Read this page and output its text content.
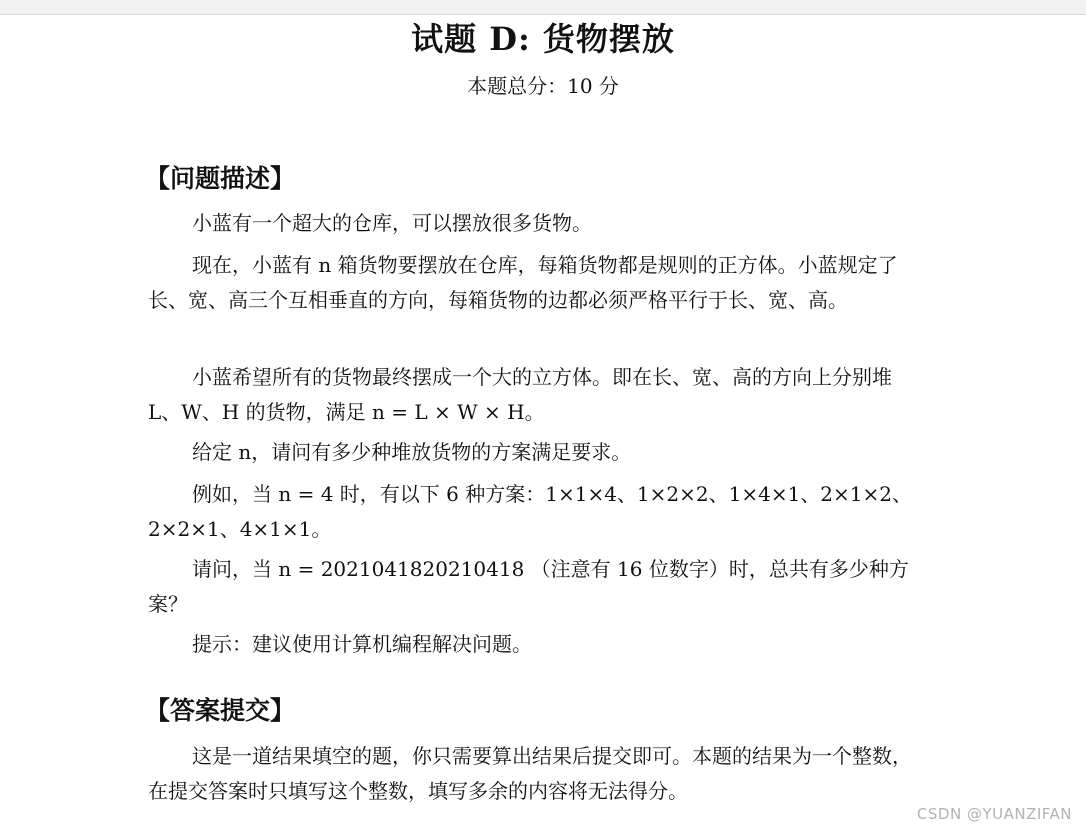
试题 D: 货物摆放
本题总分：10 分
【问题描述】
小蓝有一个超大的仓库，可以摆放很多货物。
现在，小蓝有 n 箱货物要摆放在仓库，每箱货物都是规则的正方体。小蓝规定了长、宽、高三个互相垂直的方向，每箱货物的边都必须严格平行于长、宽、高。
小蓝希望所有的货物最终摆成一个大的立方体。即在长、宽、高的方向上分别堆 L、W、H 的货物，满足 n = L × W × H。
给定 n，请问有多少种堆放货物的方案满足要求。
例如，当 n = 4 时，有以下 6 种方案：1×1×4、1×2×2、1×4×1、2×1×2、2×2×1、4×1×1。
请问，当 n = 2021041820210418 （注意有 16 位数字）时，总共有多少种方案？
提示：建议使用计算机编程解决问题。
【答案提交】
这是一道结果填空的题，你只需要算出结果后提交即可。本题的结果为一个整数，在提交答案时只填写这个整数，填写多余的内容将无法得分。
CSDN @YUANZIFAN
